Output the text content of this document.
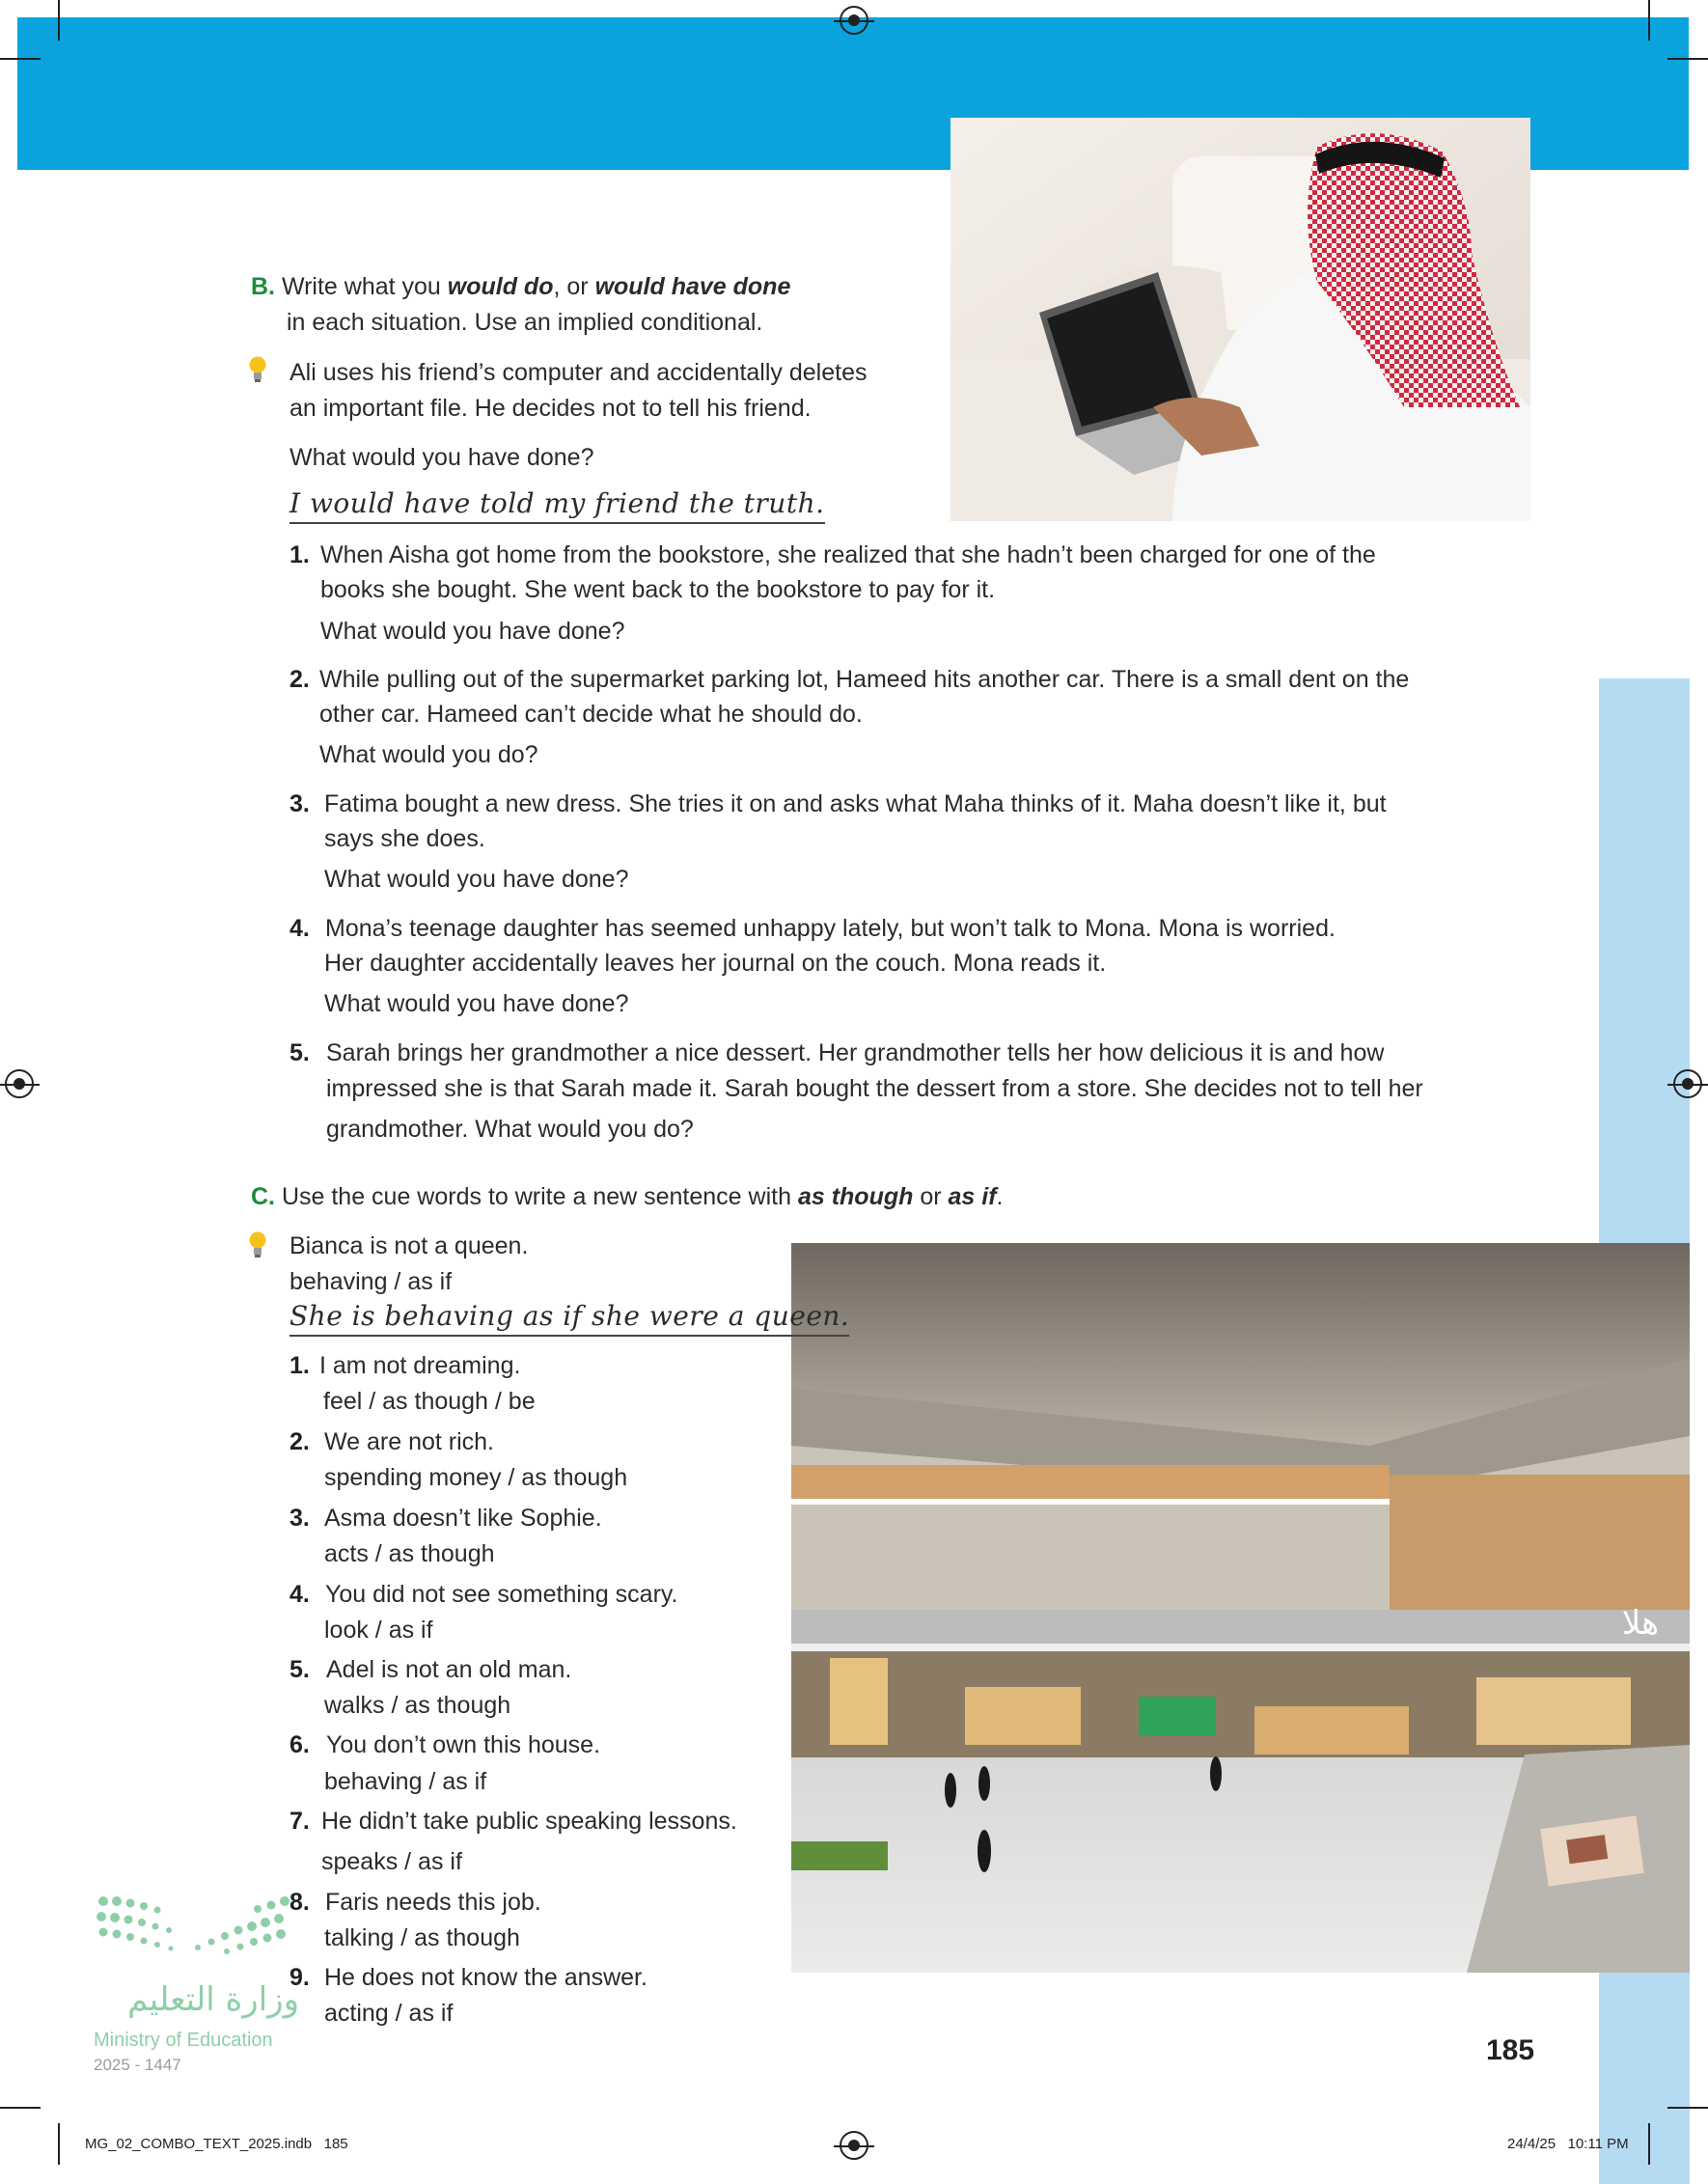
هلا
B. Write what you would do, or would have done
in each situation. Use an implied conditional.
Ali uses his friend’s computer and accidentally deletes
an important file. He decides not to tell his friend.
What would you have done?
I would have told my friend the truth.
1. When Aisha got home from the bookstore, she realized that she hadn’t been charged for one of the
books she bought. She went back to the bookstore to pay for it.
What would you have done?
2. While pulling out of the supermarket parking lot, Hameed hits another car. There is a small dent on the
other car. Hameed can’t decide what he should do.
What would you do?
3. Fatima bought a new dress. She tries it on and asks what Maha thinks of it. Maha doesn’t like it, but
says she does.
What would you have done?
4. Mona’s teenage daughter has seemed unhappy lately, but won’t talk to Mona. Mona is worried.
Her daughter accidentally leaves her journal on the couch. Mona reads it.
What would you have done?
5. Sarah brings her grandmother a nice dessert. Her grandmother tells her how delicious it is and how
impressed she is that Sarah made it. Sarah bought the dessert from a store. She decides not to tell her
grandmother. What would you do?
C. Use the cue words to write a new sentence with as though or as if.
Bianca is not a queen.
behaving / as if
She is behaving as if she were a queen.
1. I am not dreaming.
feel / as though / be
2. We are not rich.
spending money / as though
3. Asma doesn’t like Sophie.
acts / as though
4. You did not see something scary.
look / as if
5. Adel is not an old man.
walks / as though
6. You don’t own this house.
behaving / as if
7. He didn’t take public speaking lessons.
speaks / as if
8. Faris needs this job.
talking / as though
9. He does not know the answer.
acting / as if
وزارة التعليم
Ministry of Education
2025 - 1447	185
MG_02_COMBO_TEXT_2025.indb   185	24/4/25   10:11 PM
